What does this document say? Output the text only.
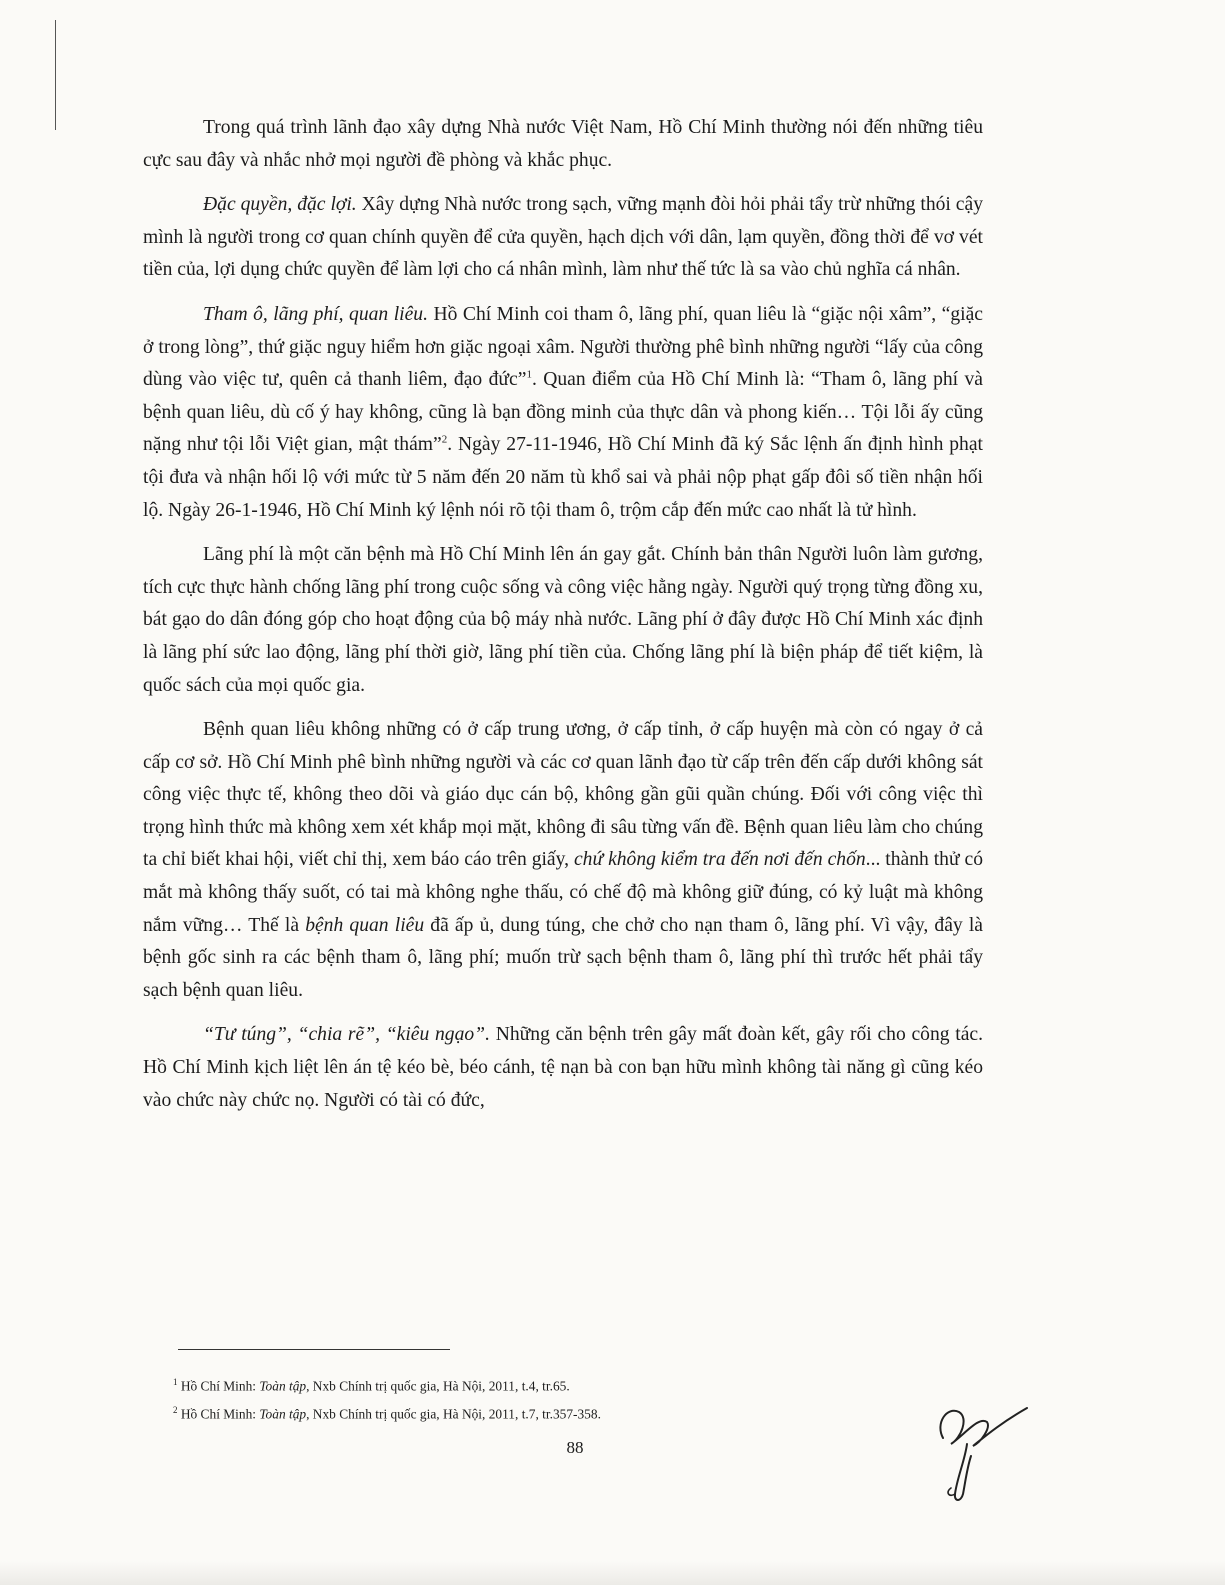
Trong quá trình lãnh đạo xây dựng Nhà nước Việt Nam, Hồ Chí Minh thường nói đến những tiêu cực sau đây và nhắc nhở mọi người đề phòng và khắc phục.

Đặc quyền, đặc lợi. Xây dựng Nhà nước trong sạch, vững mạnh đòi hỏi phải tẩy trừ những thói cậy mình là người trong cơ quan chính quyền để cửa quyền, hạch dịch với dân, lạm quyền, đồng thời để vơ vét tiền của, lợi dụng chức quyền để làm lợi cho cá nhân mình, làm như thế tức là sa vào chủ nghĩa cá nhân.

Tham ô, lãng phí, quan liêu. Hồ Chí Minh coi tham ô, lãng phí, quan liêu là “giặc nội xâm”, “giặc ở trong lòng”, thứ giặc nguy hiểm hơn giặc ngoại xâm. Người thường phê bình những người “lấy của công dùng vào việc tư, quên cả thanh liêm, đạo đức”$^1$. Quan điểm của Hồ Chí Minh là: “Tham ô, lãng phí và bệnh quan liêu, dù cố ý hay không, cũng là bạn đồng minh của thực dân và phong kiến… Tội lỗi ấy cũng nặng như tội lỗi Việt gian, mật thám”$^2$. Ngày 27-11-1946, Hồ Chí Minh đã ký Sắc lệnh ấn định hình phạt tội đưa và nhận hối lộ với mức từ 5 năm đến 20 năm tù khổ sai và phải nộp phạt gấp đôi số tiền nhận hối lộ. Ngày 26-1-1946, Hồ Chí Minh ký lệnh nói rõ tội tham ô, trộm cắp đến mức cao nhất là tử hình.

Lãng phí là một căn bệnh mà Hồ Chí Minh lên án gay gắt. Chính bản thân Người luôn làm gương, tích cực thực hành chống lãng phí trong cuộc sống và công việc hằng ngày. Người quý trọng từng đồng xu, bát gạo do dân đóng góp cho hoạt động của bộ máy nhà nước. Lãng phí ở đây được Hồ Chí Minh xác định là lãng phí sức lao động, lãng phí thời giờ, lãng phí tiền của. Chống lãng phí là biện pháp để tiết kiệm, là quốc sách của mọi quốc gia.

Bệnh quan liêu không những có ở cấp trung ương, ở cấp tỉnh, ở cấp huyện mà còn có ngay ở cả cấp cơ sở. Hồ Chí Minh phê bình những người và các cơ quan lãnh đạo từ cấp trên đến cấp dưới không sát công việc thực tế, không theo dõi và giáo dục cán bộ, không gần gũi quần chúng. Đối với công việc thì trọng hình thức mà không xem xét khắp mọi mặt, không đi sâu từng vấn đề. Bệnh quan liêu làm cho chúng ta chỉ biết khai hội, viết chỉ thị, xem báo cáo trên giấy, chứ không kiểm tra đến nơi đến chốn... thành thử có mắt mà không thấy suốt, có tai mà không nghe thấu, có chế độ mà không giữ đúng, có kỷ luật mà không nắm vững… Thế là bệnh quan liêu đã ấp ủ, dung túng, che chở cho nạn tham ô, lãng phí. Vì vậy, đây là bệnh gốc sinh ra các bệnh tham ô, lãng phí; muốn trừ sạch bệnh tham ô, lãng phí thì trước hết phải tẩy sạch bệnh quan liêu.

“Tư túng”, “chia rẽ”, “kiêu ngạo”. Những căn bệnh trên gây mất đoàn kết, gây rối cho công tác. Hồ Chí Minh kịch liệt lên án tệ kéo bè, béo cánh, tệ nạn bà con bạn hữu mình không tài năng gì cũng kéo vào chức này chức nọ. Người có tài có đức,

$^1$ Hồ Chí Minh: Toàn tập, Nxb Chính trị quốc gia, Hà Nội, 2011, t.4, tr.65.

$^2$ Hồ Chí Minh: Toàn tập, Nxb Chính trị quốc gia, Hà Nội, 2011, t.7, tr.357-358.

88
